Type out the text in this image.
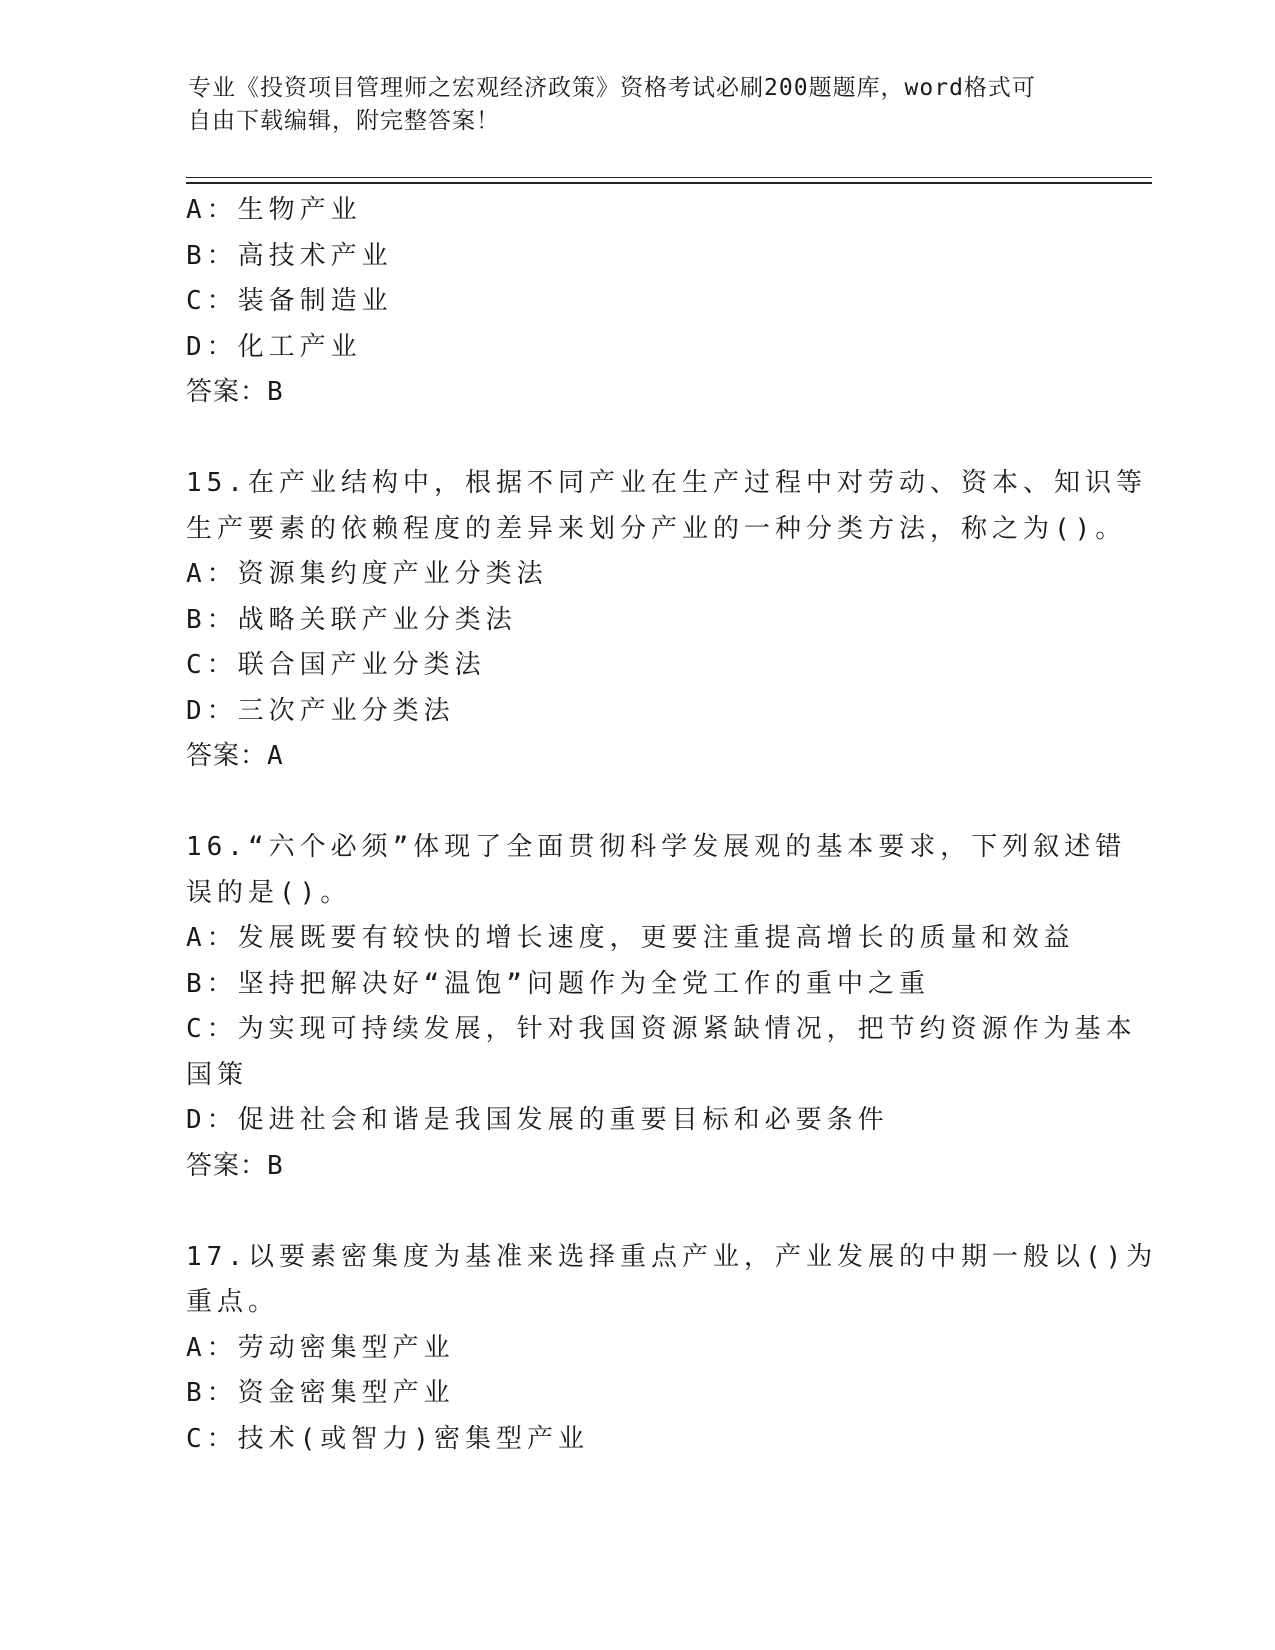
专业《投资项目管理师之宏观经济政策》资格考试必刷200题题库，word格式可
自由下载编辑，附完整答案！
A：生物产业
B：高技术产业
C：装备制造业
D：化工产业
答案：B
15.在产业结构中，根据不同产业在生产过程中对劳动、资本、知识等
生产要素的依赖程度的差异来划分产业的一种分类方法，称之为()。
A：资源集约度产业分类法
B：战略关联产业分类法
C：联合国产业分类法
D：三次产业分类法
答案：A
16.“六个必须”体现了全面贯彻科学发展观的基本要求，下列叙述错
误的是()。
A：发展既要有较快的增长速度，更要注重提高增长的质量和效益
B：坚持把解决好“温饱”问题作为全党工作的重中之重
C：为实现可持续发展，针对我国资源紧缺情况，把节约资源作为基本
国策
D：促进社会和谐是我国发展的重要目标和必要条件
答案：B
17.以要素密集度为基准来选择重点产业，产业发展的中期一般以()为
重点。
A：劳动密集型产业
B：资金密集型产业
C：技术(或智力)密集型产业
